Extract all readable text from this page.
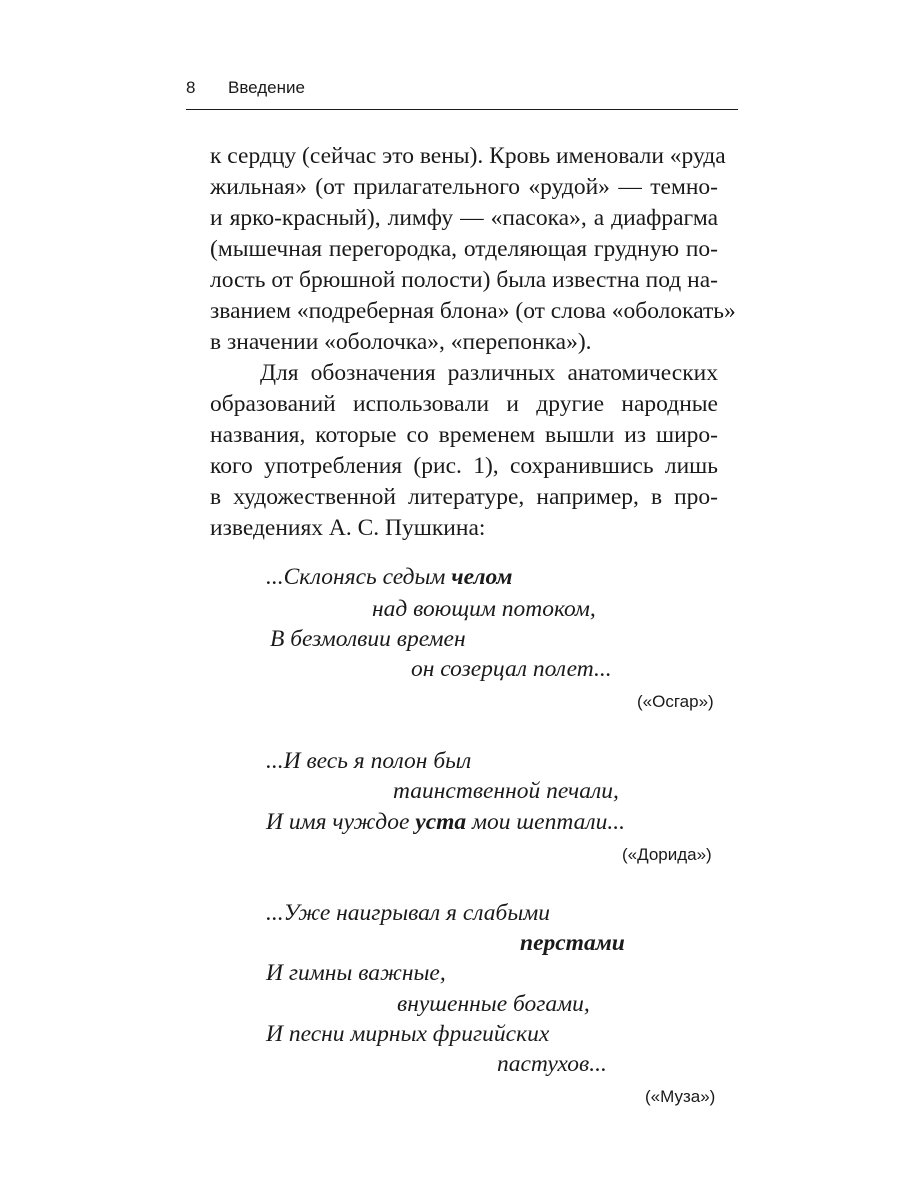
8 Введение

к сердцу (сейчас это вены). Кровь именовали «руда
жильная» (от прилагательного «рудой» — темно-
и ярко-красный), лимфу — «пасока», а диафрагма
(мышечная перегородка, отделяющая грудную по-
лость от брюшной полости) была известна под на-
званием «подреберная блона» (от слова «оболокать»
в значении «оболочка», «перепонка»).

Для обозначения различных анатомических
образований использовали и другие народные
названия, которые со временем вышли из широ-
кого употребления (рис. 1), сохранившись лишь
в художественной литературе, например, в про-
изведениях А. С. Пушкина:

...Склонясь седым челом
над воющим потоком,
В безмолвии времен
он созерцал полет...
(«Осгар»)
...И весь я полон был
таинственной печали,
И имя чуждое уста мои шептали...
(«Дорида»)
...Уже наигрывал я слабыми
перстами
И гимны важные,
внушенные богами,
И песни мирных фригийских
пастухов...
(«Муза»)
